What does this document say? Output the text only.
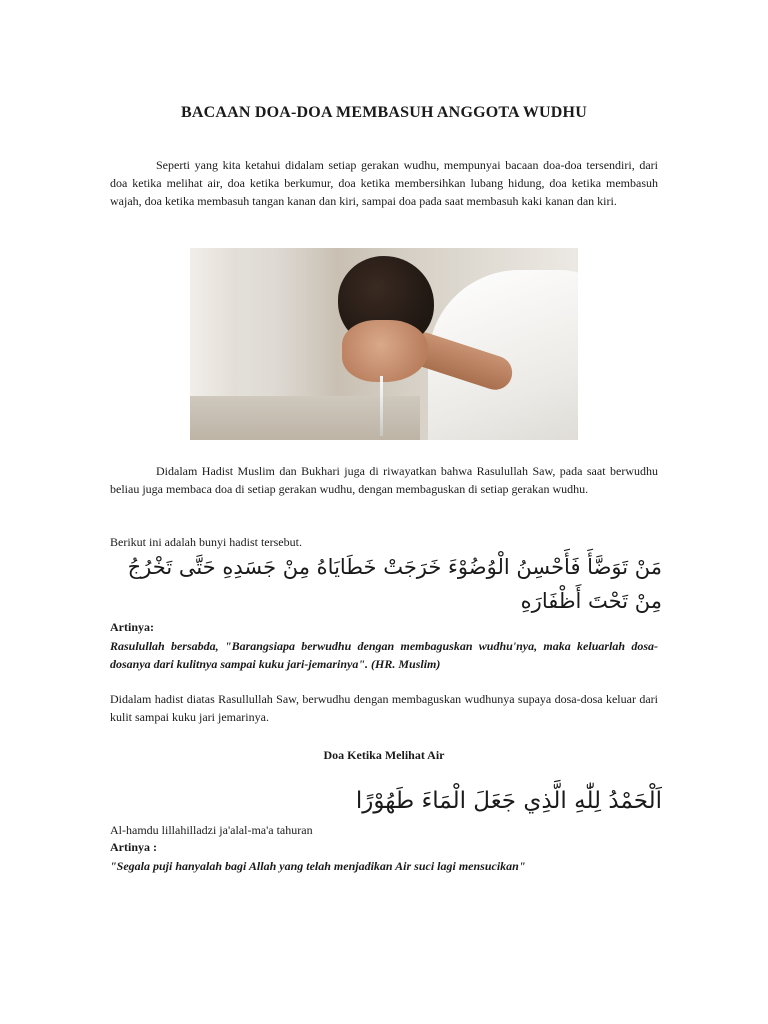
BACAAN DOA-DOA MEMBASUH ANGGOTA WUDHU

Seperti yang kita ketahui didalam setiap gerakan wudhu, mempunyai bacaan doa-doa tersendiri, dari doa ketika melihat air, doa ketika berkumur, doa ketika membersihkan lubang hidung, doa ketika membasuh wajah, doa ketika membasuh tangan kanan dan kiri, sampai doa pada saat membasuh kaki kanan dan kiri.

Didalam Hadist Muslim dan Bukhari juga di riwayatkan bahwa Rasulullah Saw, pada saat berwudhu beliau juga membaca doa di setiap gerakan wudhu, dengan membaguskan di setiap gerakan wudhu.

Berikut ini adalah bunyi hadist tersebut.
مَنْ تَوَضَّأَ فَأَحْسِنُ الْوُضُوْءَ خَرَجَتْ خَطَايَاهُ مِنْ جَسَدِهِ حَتَّى تَخْرُجُ مِنْ تَحْتَ أَظْفَارَهِ
Artinya:

Rasulullah bersabda, "Barangsiapa berwudhu dengan membaguskan wudhu'nya, maka keluarlah dosa-dosanya dari kulitnya sampai kuku jari-jemarinya". (HR. Muslim)

Didalam hadist diatas Rasullullah Saw, berwudhu dengan membaguskan wudhunya supaya dosa-dosa keluar dari kulit sampai kuku jari jemarinya.

Doa Ketika Melihat Air
اَلْحَمْدُ لِلّٰهِ الَّذِي جَعَلَ الْمَاءَ طَهُوْرًا
Al-hamdu lillahilladzi ja'alal-ma'a tahuran
Artinya :
"Segala puji hanyalah bagi Allah yang telah menjadikan Air suci lagi mensucikan"
